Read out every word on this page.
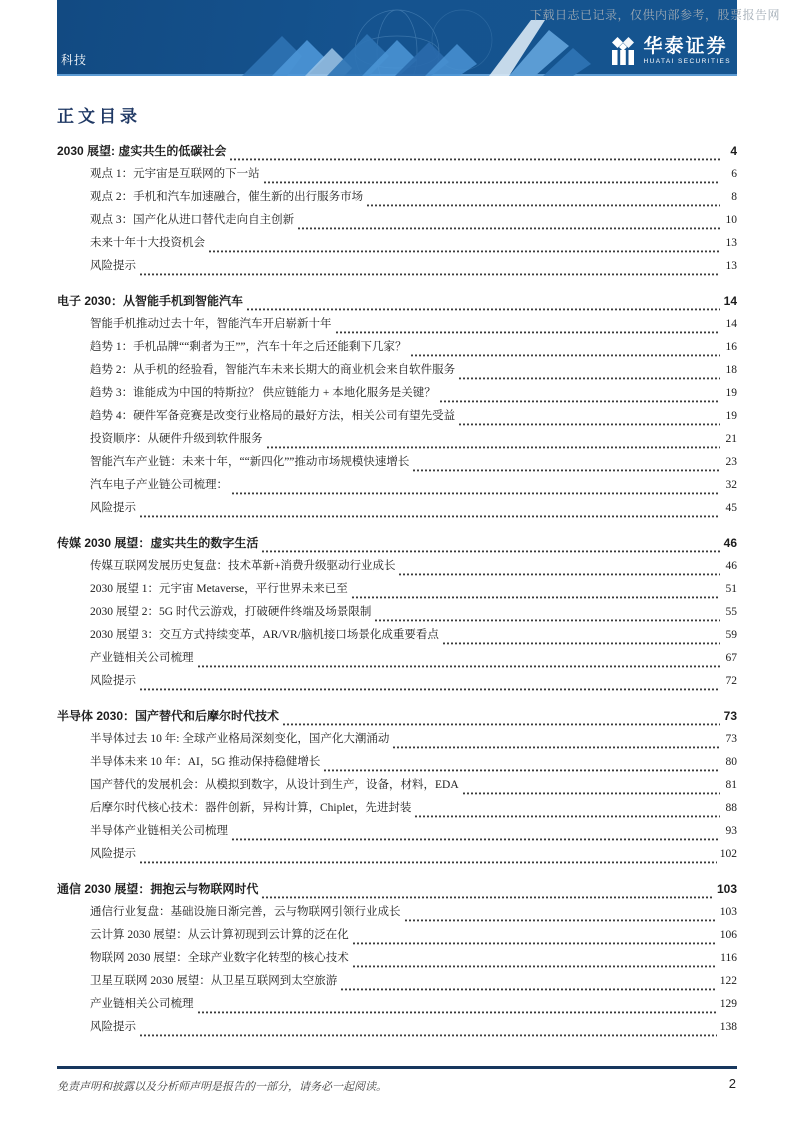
下载日志已记录，仅供内部参考，股票报告网
科技
华泰证券
HUATAI SECURITIES
正文目录
2030 展望: 虚实共生的低碳社会	4
观点 1：元宇宙是互联网的下一站	6
观点 2：手机和汽车加速融合，催生新的出行服务市场	8
观点 3：国产化从进口替代走向自主创新	10
未来十年十大投资机会	13
风险提示	13
电子 2030：从智能手机到智能汽车	14
智能手机推动过去十年，智能汽车开启崭新十年	14
趋势 1：手机品牌““剩者为王””，汽车十年之后还能剩下几家？	16
趋势 2：从手机的经验看，智能汽车未来长期大的商业机会来自软件服务	18
趋势 3：谁能成为中国的特斯拉？ 供应链能力 + 本地化服务是关键？	19
趋势 4：硬件军备竞赛是改变行业格局的最好方法，相关公司有望先受益	19
投资顺序：从硬件升级到软件服务	21
智能汽车产业链：未来十年，““新四化””推动市场规模快速增长	23
汽车电子产业链公司梳理：	32
风险提示	45
传媒 2030 展望：虚实共生的数字生活	46
传媒互联网发展历史复盘：技术革新+消费升级驱动行业成长	46
2030 展望 1：元宇宙 Metaverse，平行世界未来已至	51
2030 展望 2：5G 时代云游戏，打破硬件终端及场景限制	55
2030 展望 3：交互方式持续变革，AR/VR/脑机接口场景化成重要看点	59
产业链相关公司梳理	67
风险提示	72
半导体 2030：国产替代和后摩尔时代技术	73
半导体过去 10 年: 全球产业格局深刻变化，国产化大潮涌动	73
半导体未来 10 年：AI，5G 推动保持稳健增长	80
国产替代的发展机会：从模拟到数字，从设计到生产，设备，材料，EDA	81
后摩尔时代核心技术：器件创新，异构计算，Chiplet，先进封装	88
半导体产业链相关公司梳理	93
风险提示	102
通信 2030 展望：拥抱云与物联网时代	103
通信行业复盘：基础设施日渐完善，云与物联网引领行业成长	103
云计算 2030 展望：从云计算初现到云计算的泛在化	106
物联网 2030 展望：全球产业数字化转型的核心技术	116
卫星互联网 2030 展望：从卫星互联网到太空旅游	122
产业链相关公司梳理	129
风险提示	138
免责声明和披露以及分析师声明是报告的一部分，请务必一起阅读。	2
